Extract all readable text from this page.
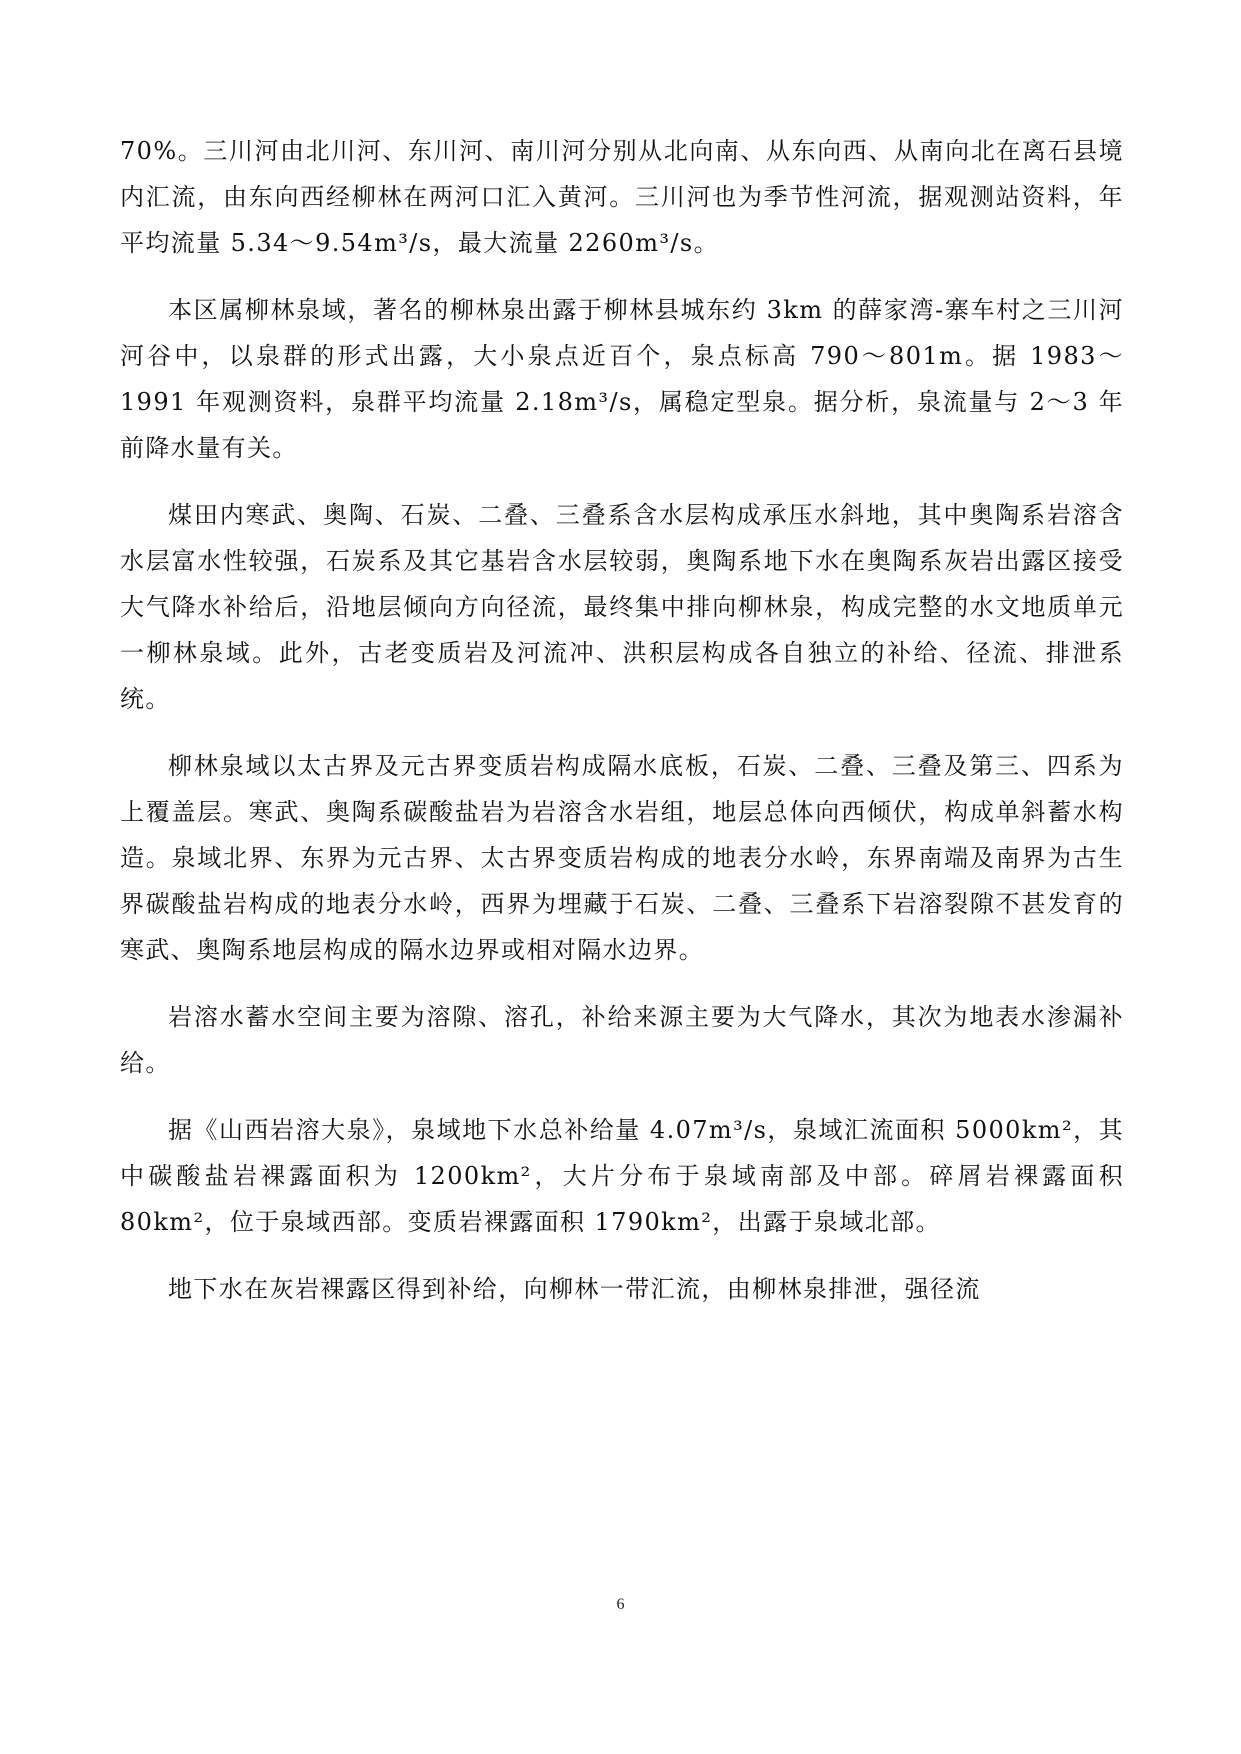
70%。三川河由北川河、东川河、南川河分别从北向南、从东向西、从南向北在离石县境内汇流，由东向西经柳林在两河口汇入黄河。三川河也为季节性河流，据观测站资料，年平均流量 5.34～9.54m³/s，最大流量 2260m³/s。

本区属柳林泉域，著名的柳林泉出露于柳林县城东约 3km 的薛家湾-寨车村之三川河河谷中，以泉群的形式出露，大小泉点近百个，泉点标高 790～801m。据 1983～1991 年观测资料，泉群平均流量 2.18m³/s，属稳定型泉。据分析，泉流量与 2～3 年前降水量有关。

煤田内寒武、奥陶、石炭、二叠、三叠系含水层构成承压水斜地，其中奥陶系岩溶含水层富水性较强，石炭系及其它基岩含水层较弱，奥陶系地下水在奥陶系灰岩出露区接受大气降水补给后，沿地层倾向方向径流，最终集中排向柳林泉，构成完整的水文地质单元一柳林泉域。此外，古老变质岩及河流冲、洪积层构成各自独立的补给、径流、排泄系统。

柳林泉域以太古界及元古界变质岩构成隔水底板，石炭、二叠、三叠及第三、四系为上覆盖层。寒武、奥陶系碳酸盐岩为岩溶含水岩组，地层总体向西倾伏，构成单斜蓄水构造。泉域北界、东界为元古界、太古界变质岩构成的地表分水岭，东界南端及南界为古生界碳酸盐岩构成的地表分水岭，西界为埋藏于石炭、二叠、三叠系下岩溶裂隙不甚发育的寒武、奥陶系地层构成的隔水边界或相对隔水边界。

岩溶水蓄水空间主要为溶隙、溶孔，补给来源主要为大气降水，其次为地表水渗漏补给。

据《山西岩溶大泉》，泉域地下水总补给量 4.07m³/s，泉域汇流面积 5000km²，其中碳酸盐岩裸露面积为 1200km²，大片分布于泉域南部及中部。碎屑岩裸露面积 80km²，位于泉域西部。变质岩裸露面积 1790km²，出露于泉域北部。

地下水在灰岩裸露区得到补给，向柳林一带汇流，由柳林泉排泄，强径流

6
